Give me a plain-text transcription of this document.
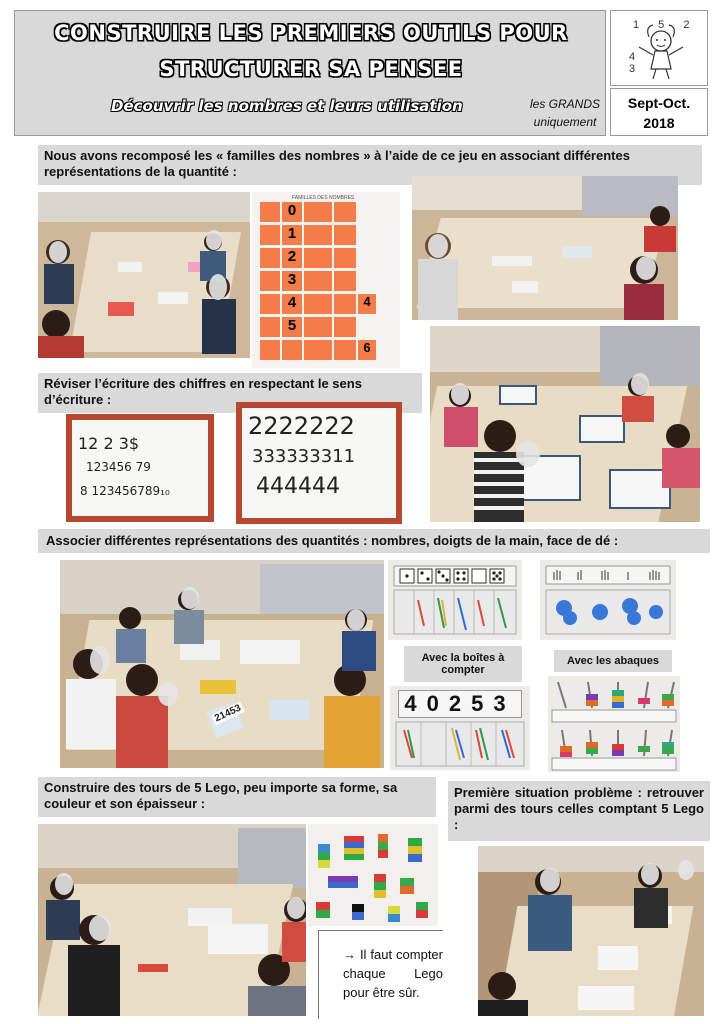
CONSTRUIRE LES PREMIERS OUTILS POUR
STRUCTURER SA PENSEE
Découvrir les nombres et leurs utilisation	les GRANDS
uniquement
1 5 2
4 3
Sept-Oct.
2018
Nous avons recomposé les « familles des nombres » à l’aide de ce jeu en associant différentes représentations de la quantité :
FAMILLES DES NOMBRES
0
1
2
3
4	4
5
6
Réviser l’écriture des chiffres en respectant le sens d’écriture :
12 2 3$
123456 79
8 123456789₁₀
2222222
333333311
444444
Associer différentes représentations des quantités : nombres, doigts de la main, face de dé :
21453
Avec la boîtes à compter
Avec les abaques
40253
Construire des tours de 5 Lego, peu importe sa forme, sa couleur et son épaisseur :
→ Il faut compter chaque Lego pour être sûr.
Première situation problème : retrouver parmi des tours celles comptant 5 Lego :
